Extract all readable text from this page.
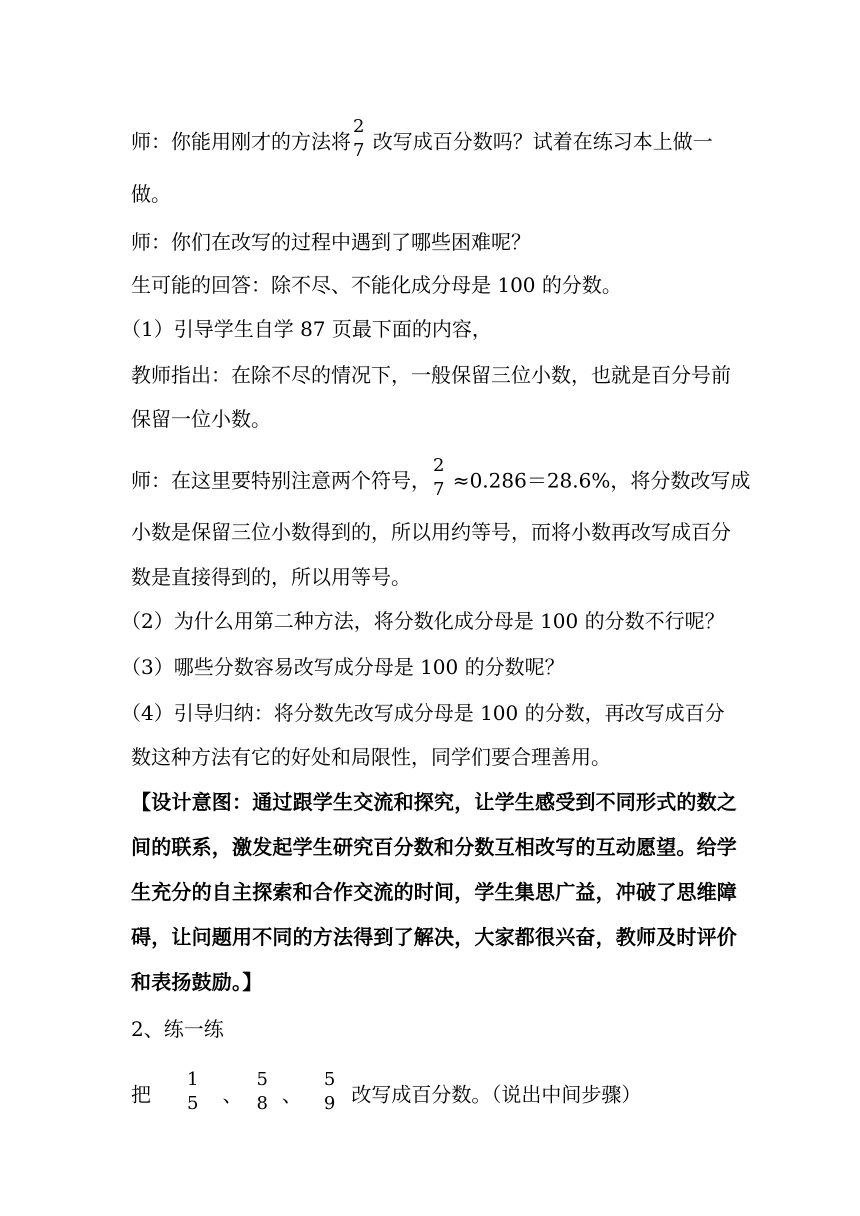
师：你能用刚才的方法将
2
7 改写成百分数吗？试着在练习本上做一
做。
师：你们在改写的过程中遇到了哪些困难呢？
生可能的回答：除不尽、不能化成分母是 100 的分数。
（1）引导学生自学 87 页最下面的内容，
教师指出：在除不尽的情况下，一般保留三位小数，也就是百分号前
保留一位小数。
师：在这里要特别注意两个符号，
2
7 ≈0.286＝28.6%，将分数改写成
小数是保留三位小数得到的，所以用约等号，而将小数再改写成百分
数是直接得到的，所以用等号。
（2）为什么用第二种方法，将分数化成分母是 100 的分数不行呢？
（3）哪些分数容易改写成分母是 100 的分数呢？
（4）引导归纳：将分数先改写成分母是 100 的分数，再改写成百分
数这种方法有它的好处和局限性，同学们要合理善用。
【设计意图：通过跟学生交流和探究，让学生感受到不同形式的数之
间的联系，激发起学生研究百分数和分数互相改写的互动愿望。给学
生充分的自主探索和合作交流的时间，学生集思广益，冲破了思维障
碍，让问题用不同的方法得到了解决，大家都很兴奋，教师及时评价
和表扬鼓励。】
2、练一练
把
1
5 、
5
8 、
5
9 改写成百分数。（说出中间步骤）
